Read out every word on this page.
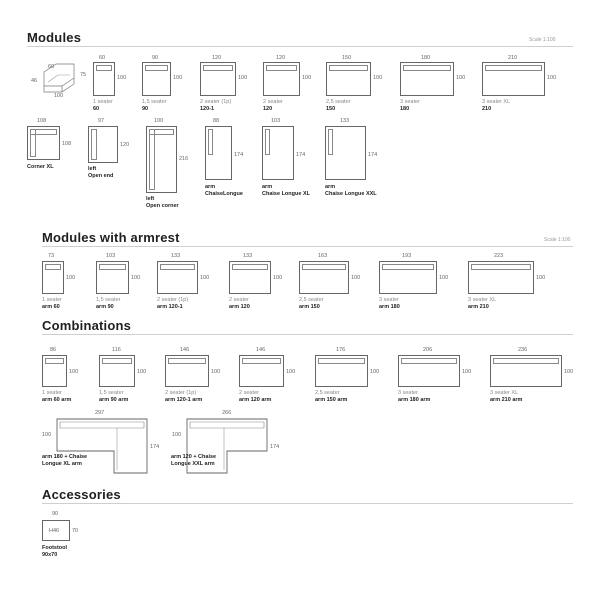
Modules	Scale 1:100
60
46
75
100
60
100
1 seater
60
90
100
1,5 seater
90
120
100
2 seater (1p)
120-1
120
100
2 seater
120
150
100
2,5 seater
150
180
100
3 seater
180
210
100
3 seater XL
210
108
108
Corner XL
97
120
left
Open end
100
216
left
Open corner
88
174
arm
ChaiseLongue
103
174
arm
Chaise Longue XL
133
174
arm
Chaise Longue XXL
Modules with armrest	Scale 1:100
73
100
1 seater
arm 60
103
100
1,5 seater
arm 90
133
100
2 seater (1p)
arm 120-1
133
100
2 seater
arm 120
163
100
2,5 seater
arm 150
193
100
3 seater
arm 180
223
100
3 seater XL
arm 210
Combinations
86
100
1 seater
arm 60 arm
116
100
1,5 seater
arm 90 arm
146
100
2 seater (1p)
arm 120-1 arm
146
100
2 seater
arm 120 arm
176
100
2,5 seater
arm 150 arm
206
100
3 seater
arm 180 arm
236
100
3 seater XL
arm 210 arm
297
100
174
arm 180 + Chaise
Longue XL arm
266
100
174
arm 120 + Chaise
Longue XXL arm
Accessories
90
H46 70
Footstool
90x70
